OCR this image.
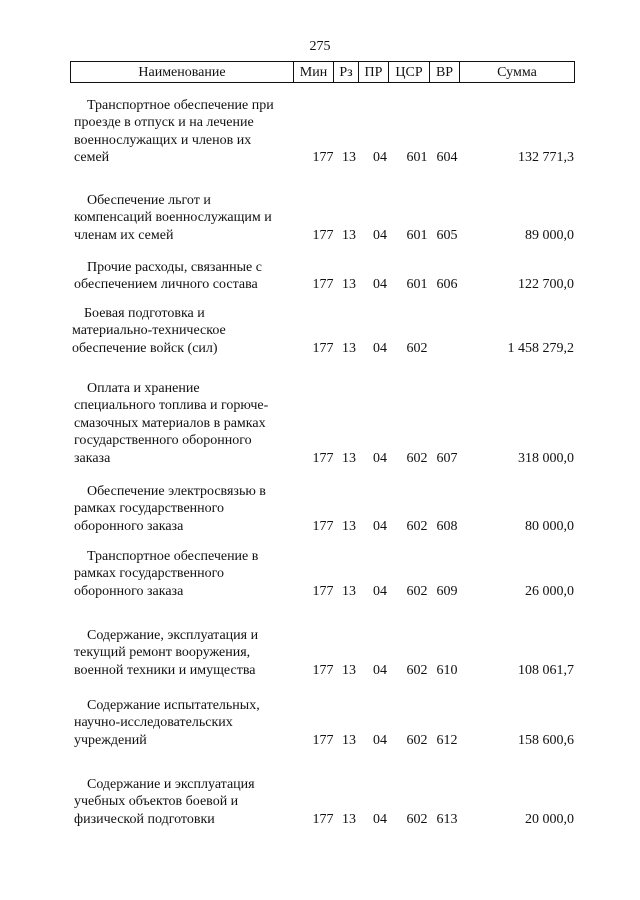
275
Наименование	Мин Рз ПР ЦСР ВР	Сумма
Транспортное обеспечение при
проезде в отпуск и на лечение
военнослужащих и членов их
семей	177 13	04	601 604	132 771,3
Обеспечение льгот и
компенсаций военнослужащим и
членам их семей	177 13	04	601 605	89 000,0
Прочие расходы, связанные с
обеспечением личного состава	177 13	04	601 606	122 700,0
Боевая подготовка и
материально-техническое
обеспечение войск (сил)	177 13	04	602	1 458 279,2
Оплата и хранение
специального топлива и горюче-
смазочных материалов в рамках
государственного оборонного
заказа	177 13	04	602 607	318 000,0
Обеспечение электросвязью в
рамках государственного
оборонного заказа	177 13	04	602 608	80 000,0
Транспортное обеспечение в
рамках государственного
оборонного заказа	177 13	04	602 609	26 000,0
Содержание, эксплуатация и
текущий ремонт вооружения,
военной техники и имущества	177 13	04	602 610	108 061,7
Содержание испытательных,
научно-исследовательских
учреждений	177 13	04	602 612	158 600,6
Содержание и эксплуатация
учебных объектов боевой и
физической подготовки	177 13	04	602 613	20 000,0
